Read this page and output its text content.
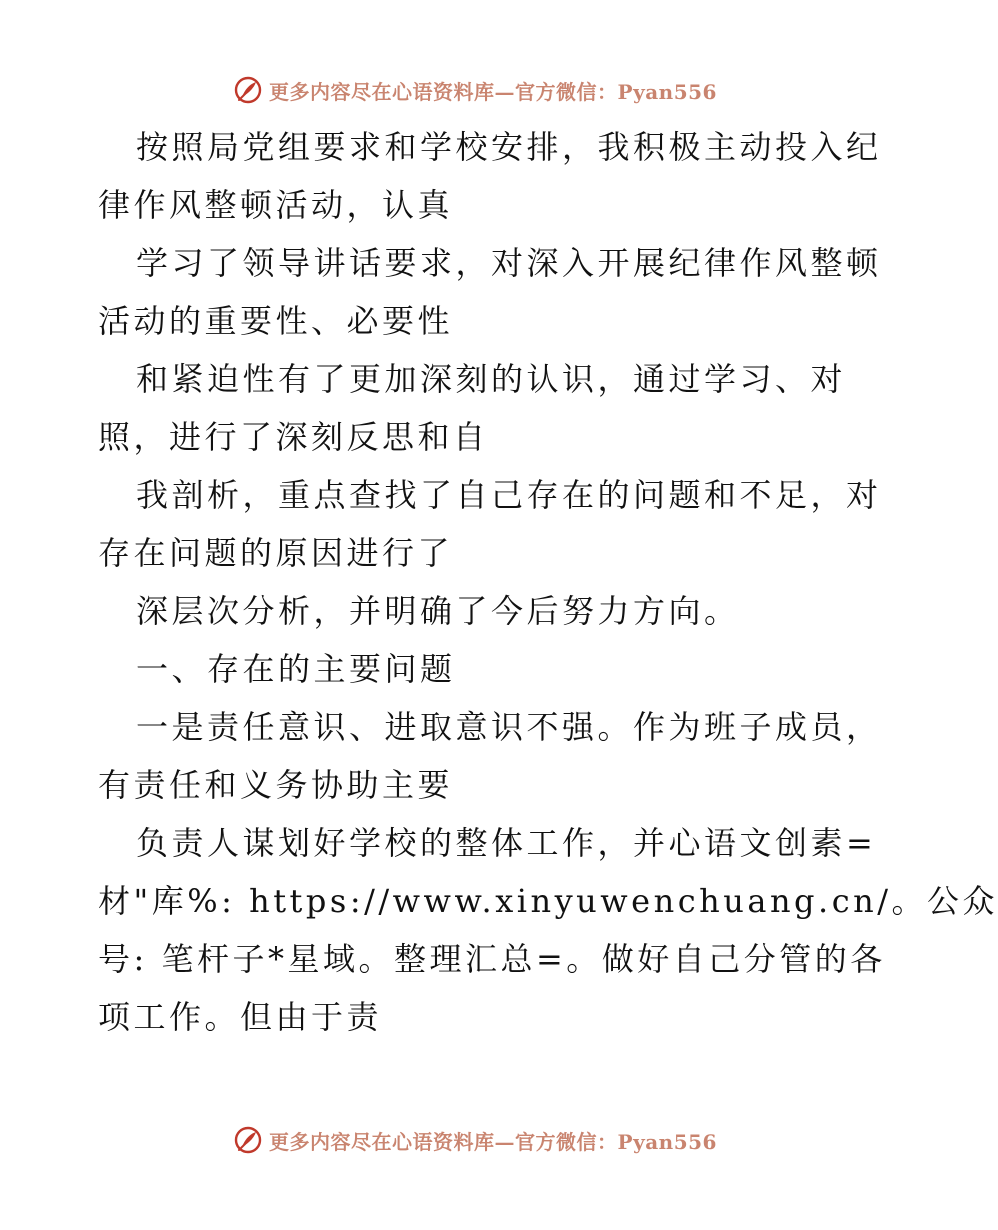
更多内容尽在心语资料库—官方微信：Pyan556
按照局党组要求和学校安排，我积极主动投入纪
律作风整顿活动，认真
学习了领导讲话要求，对深入开展纪律作风整顿
活动的重要性、必要性
和紧迫性有了更加深刻的认识，通过学习、对
照，进行了深刻反思和自
我剖析，重点查找了自己存在的问题和不足，对
存在问题的原因进行了
深层次分析，并明确了今后努力方向。
一、存在的主要问题
一是责任意识、进取意识不强。作为班子成员，
有责任和义务协助主要
负责人谋划好学校的整体工作，并心语文创素=
材"库%: https://www.xinyuwenchuang.cn/。公众
号: 笔杆子*星域。整理汇总=。做好自己分管的各
项工作。但由于责
更多内容尽在心语资料库—官方微信：Pyan556
